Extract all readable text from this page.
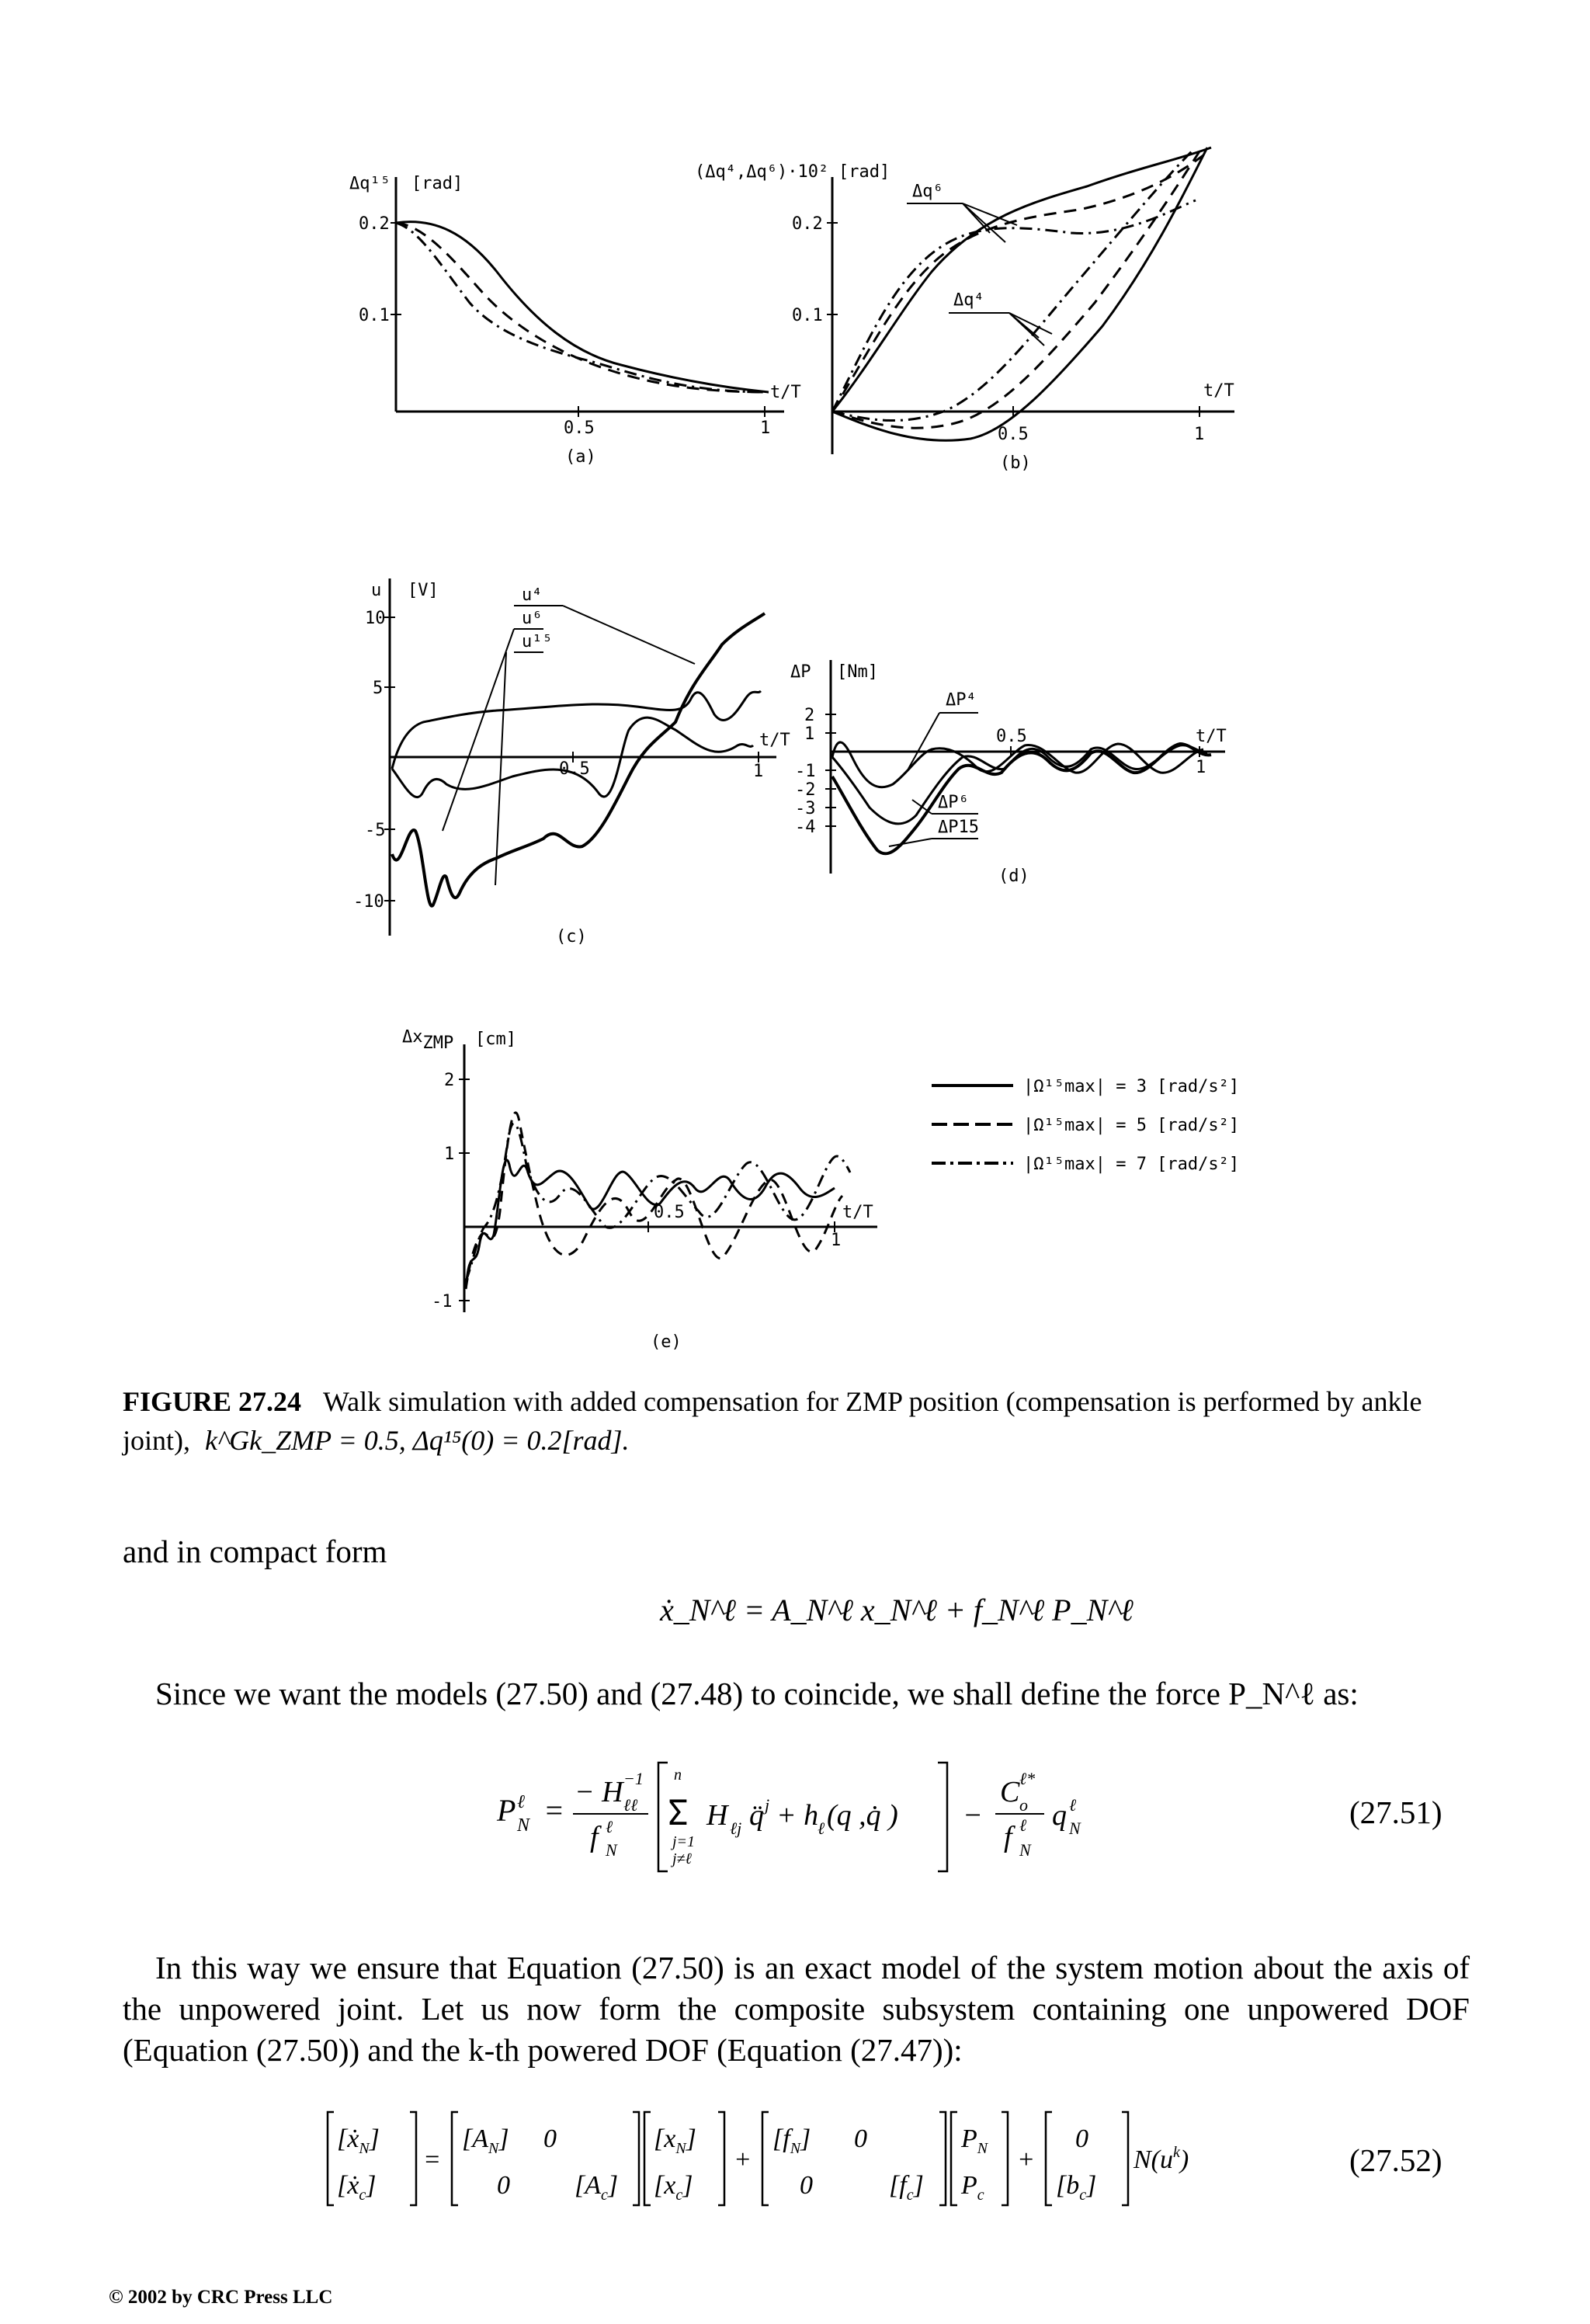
Δq¹⁵ [rad]
0.2
0.1
0.5	1
t/T
(a)
(Δq⁴,Δq⁶)·10² [rad]
0.2
0.1
0.5	1
t/T
(b)
Δq⁶
Δq⁴
u [V]
10
5
-5
-10
0.5	1
t/T
(c)
u⁴
u⁶
u¹⁵
ΔP [Nm]
2
1
-1
-2
-3
-4
0.5
1
t/T
(d)
ΔP⁴
ΔP⁶
ΔP15
ΔxZMP [cm]
2
1
-1
0.5
1
t/T
(e)
|Ω¹⁵max| = 3 [rad/s²]
|Ω¹⁵max| = 5 [rad/s²]
|Ω¹⁵max| = 7 [rad/s²]
FIGURE 27.24 Walk simulation with added compensation for ZMP position (compensation is performed by ankle joint), k^Gk_ZMP = 0.5, Δq¹⁵(0) = 0.2[rad].
and in compact form
ẋ_N^ℓ = A_N^ℓ x_N^ℓ + f_N^ℓ P_N^ℓ
Since we want the models (27.50) and (27.48) to coincide, we shall define the force P_N^ℓ as:
P N
ℓ =
− H ℓℓ
−1
f N
ℓ
n
Σ
j=1
j≠ℓ
H ℓj q̈ j + h
ℓ (q ,q̇ ) −
C o
ℓ*
f N
ℓ q N
ℓ	(27.51)
In this way we ensure that Equation (27.50) is an exact model of the system motion about the axis of the unpowered joint. Let us now form the composite subsystem containing one unpowered DOF (Equation (27.50)) and the k-th powered DOF (Equation (27.47)):
[ẋ$_N$]
[ẋ$_c$]
=
$[A_N]$ 0
0 $[A_c]$
$[x_N]$
$[x_c]$
+
$[f_N]$ 0
0	$[f_c]$
$P_N$
$P_c$
+
0
$[b_c]$
$N(u^k)$	(27.52)
© 2002 by CRC Press LLC
